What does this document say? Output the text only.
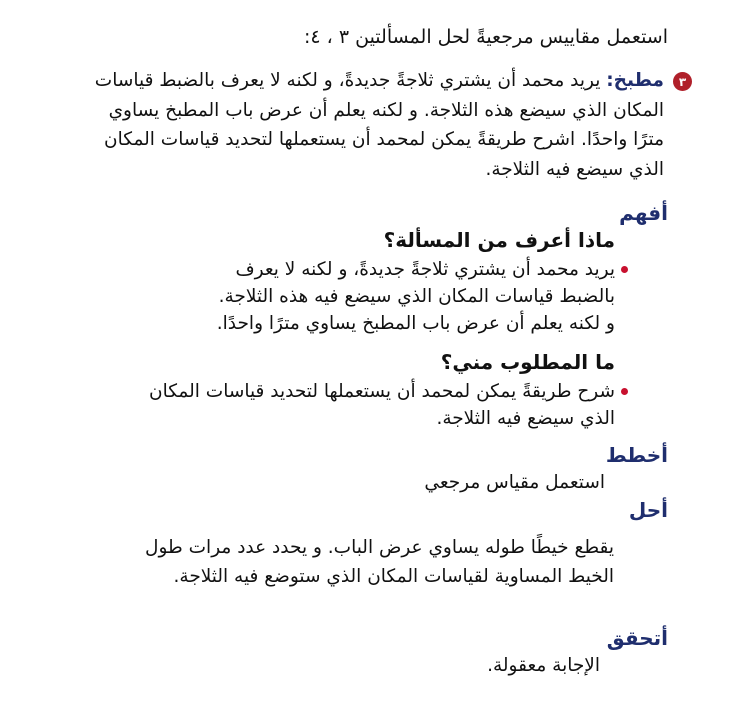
استعمل مقاييس مرجعيةً لحل المسألتين ٣ ، ٤:
٣
مطبخ: يريد محمد أن يشتري ثلاجةً جديدةً، و لكنه لا يعرف بالضبط قياسات المكان الذي سيضع هذه الثلاجة. و لكنه يعلم أن عرض باب المطبخ يساوي مترًا واحدًا. اشرح طريقةً يمكن لمحمد أن يستعملها لتحديد قياسات المكان الذي سيضع فيه الثلاجة.
أفهم
ماذا أعرف من المسألة؟
يريد محمد أن يشتري ثلاجةً جديدةً، و لكنه لا يعرف
بالضبط قياسات المكان الذي سيضع فيه هذه الثلاجة.
و لكنه يعلم أن عرض باب المطبخ يساوي مترًا واحدًا.
ما المطلوب مني؟
شرح طريقةً يمكن لمحمد أن يستعملها لتحديد قياسات المكان الذي سيضع فيه الثلاجة.
أخطط
استعمل مقياس مرجعي
أحل
يقطع خيطًا طوله يساوي عرض الباب. و يحدد عدد مرات طول الخيط المساوية لقياسات المكان الذي ستوضع فيه الثلاجة.
أتحقق
الإجابة معقولة.
